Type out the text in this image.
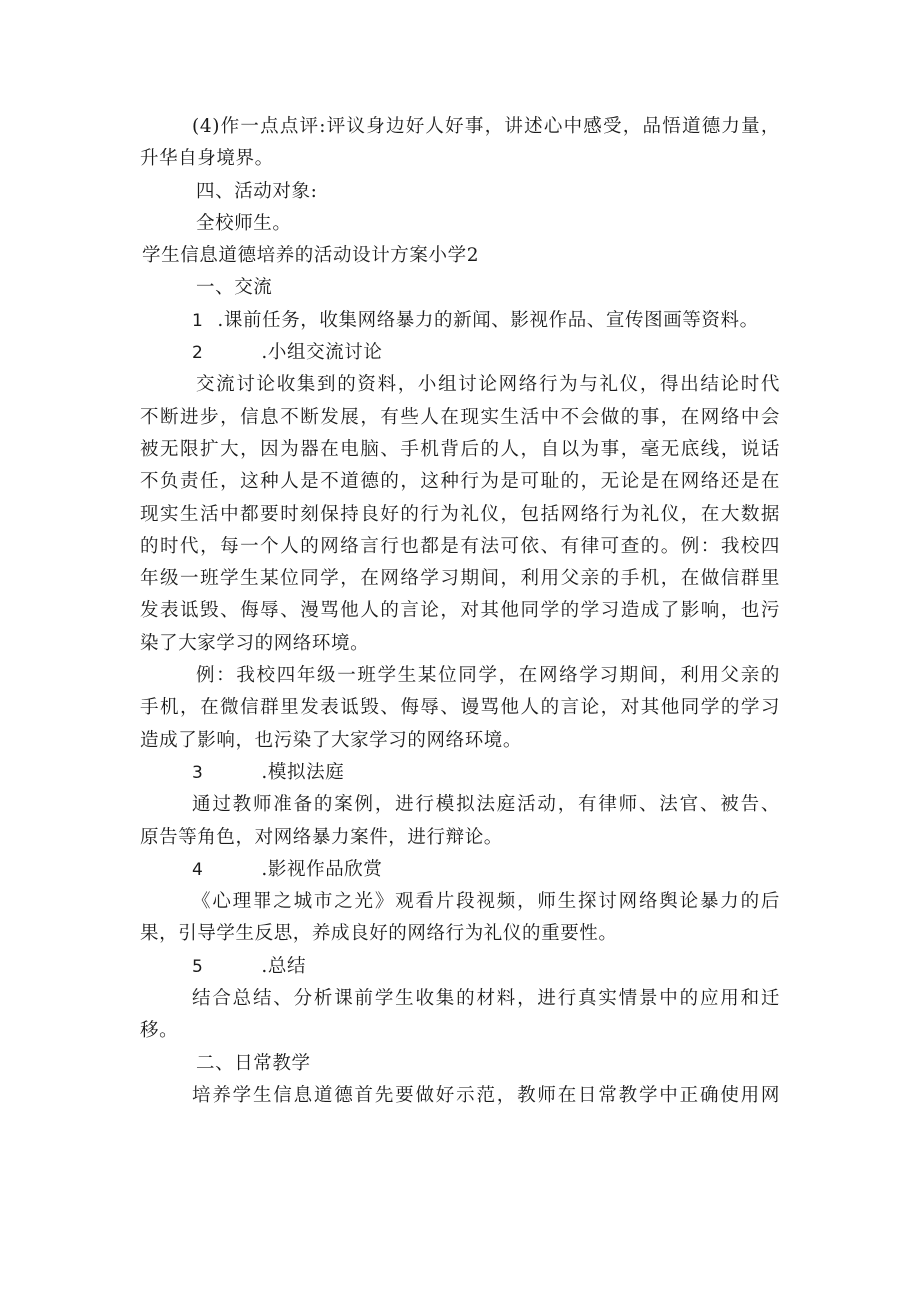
(4)作一点点评:评议身边好人好事，讲述心中感受，品悟道德力量，
升华自身境界。
四、活动对象:
全校师生。
学生信息道德培养的活动设计方案小学2
一、交流
1 .课前任务，收集网络暴力的新闻、影视作品、宣传图画等资料。
2	.小组交流讨论
交流讨论收集到的资料，小组讨论网络行为与礼仪，得出结论时代
不断进步，信息不断发展，有些人在现实生活中不会做的事，在网络中会
被无限扩大，因为器在电脑、手机背后的人，自以为事，毫无底线，说话
不负责任，这种人是不道德的，这种行为是可耻的，无论是在网络还是在
现实生活中都要时刻保持良好的行为礼仪，包括网络行为礼仪，在大数据
的时代，每一个人的网络言行也都是有法可依、有律可查的。例：我校四
年级一班学生某位同学，在网络学习期间，利用父亲的手机，在做信群里
发表诋毁、侮辱、漫骂他人的言论，对其他同学的学习造成了影响，也污
染了大家学习的网络环境。
例：我校四年级一班学生某位同学，在网络学习期间，利用父亲的
手机，在微信群里发表诋毁、侮辱、谩骂他人的言论，对其他同学的学习
造成了影响，也污染了大家学习的网络环境。
3	.模拟法庭
通过教师准备的案例，进行模拟法庭活动，有律师、法官、被告、
原告等角色，对网络暴力案件，进行辩论。
4	.影视作品欣赏
《心理罪之城市之光》观看片段视频，师生探讨网络舆论暴力的后
果，引导学生反思，养成良好的网络行为礼仪的重要性。
5	.总结
结合总结、分析课前学生收集的材料，进行真实情景中的应用和迁
移。
二、日常教学
培养学生信息道德首先要做好示范，教师在日常教学中正确使用网
